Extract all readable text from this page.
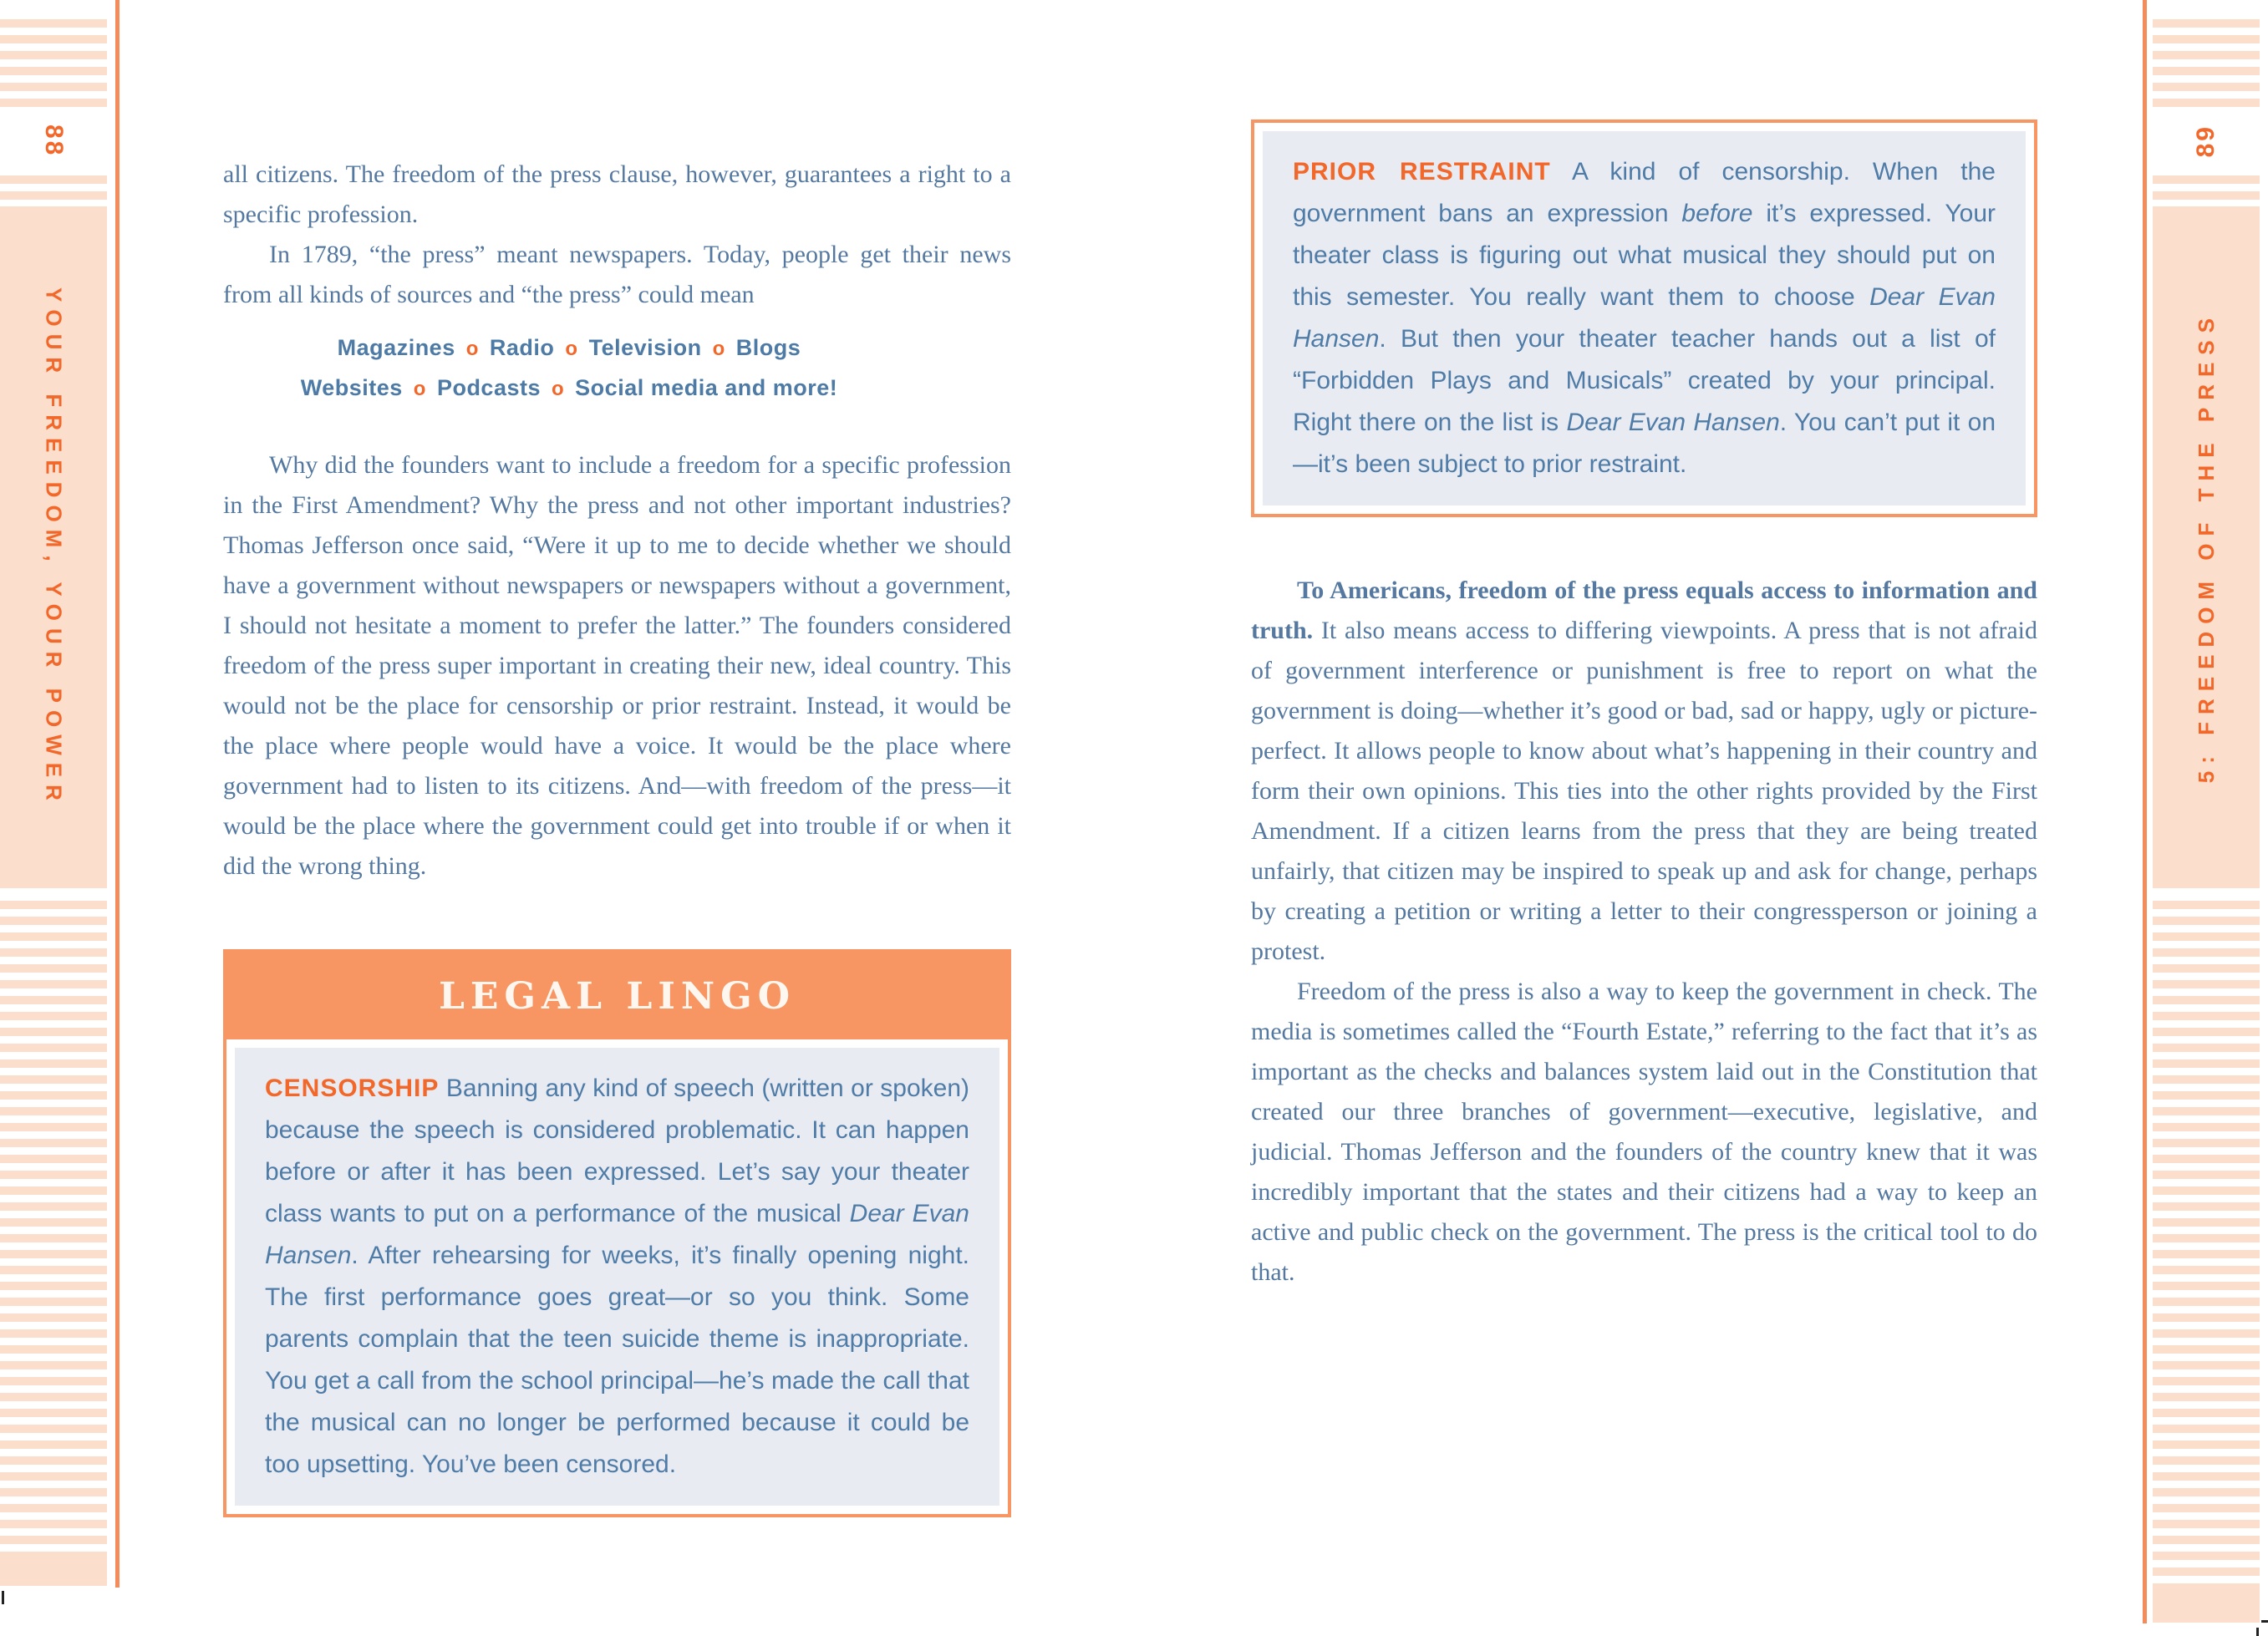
88
YOUR FREEDOM, YOUR POWER
89
5: FREEDOM OF THE PRESS

all citizens. The freedom of the press clause, however, guarantees a right to a specific profession.

In 1789, “the press” meant newspapers. Today, people get their news from all kinds of sources and “the press” could mean

Magazines o Radio o Television o Blogs
Websites o Podcasts o Social media and more!

Why did the founders want to include a freedom for a specific profession in the First Amendment? Why the press and not other important industries? Thomas Jefferson once said, “Were it up to me to decide whether we should have a government without newspapers or newspapers without a government, I should not hesitate a moment to prefer the latter.” The founders considered freedom of the press super important in creating their new, ideal country. This would not be the place for censorship or prior restraint. Instead, it would be the place where people would have a voice. It would be the place where government had to listen to its citizens. And—with freedom of the press—it would be the place where the government could get into trouble if or when it did the wrong thing.

LEGAL LINGO
CENSORSHIP Banning any kind of speech (written or spoken) because the speech is considered problematic. It can happen before or after it has been expressed. Let’s say your theater class wants to put on a performance of the musical Dear Evan Hansen. After rehearsing for weeks, it’s finally opening night. The first performance goes great—or so you think. Some parents complain that the teen suicide theme is inappropriate. You get a call from the school principal—he’s made the call that the musical can no longer be performed because it could be too upsetting. You’ve been censored.
PRIOR RESTRAINT A kind of censorship. When the government bans an expression before it’s expressed. Your theater class is figuring out what musical they should put on this semester. You really want them to choose Dear Evan Hansen. But then your theater teacher hands out a list of “Forbidden Plays and Musicals” created by your principal. Right there on the list is Dear Evan Hansen. You can’t put it on—it’s been subject to prior restraint.

To Americans, freedom of the press equals access to information and truth. It also means access to differing viewpoints. A press that is not afraid of government interference or punishment is free to report on what the government is doing—whether it’s good or bad, sad or happy, ugly or picture-perfect. It allows people to know about what’s happening in their country and form their own opinions. This ties into the other rights provided by the First Amendment. If a citizen learns from the press that they are being treated unfairly, that citizen may be inspired to speak up and ask for change, perhaps by creating a petition or writing a letter to their congressperson or joining a protest.

Freedom of the press is also a way to keep the government in check. The media is sometimes called the “Fourth Estate,” referring to the fact that it’s as important as the checks and balances system laid out in the Constitution that created our three branches of government—executive, legislative, and judicial. Thomas Jefferson and the founders of the country knew that it was incredibly important that the states and their citizens had a way to keep an active and public check on the government. The press is the critical tool to do that.
